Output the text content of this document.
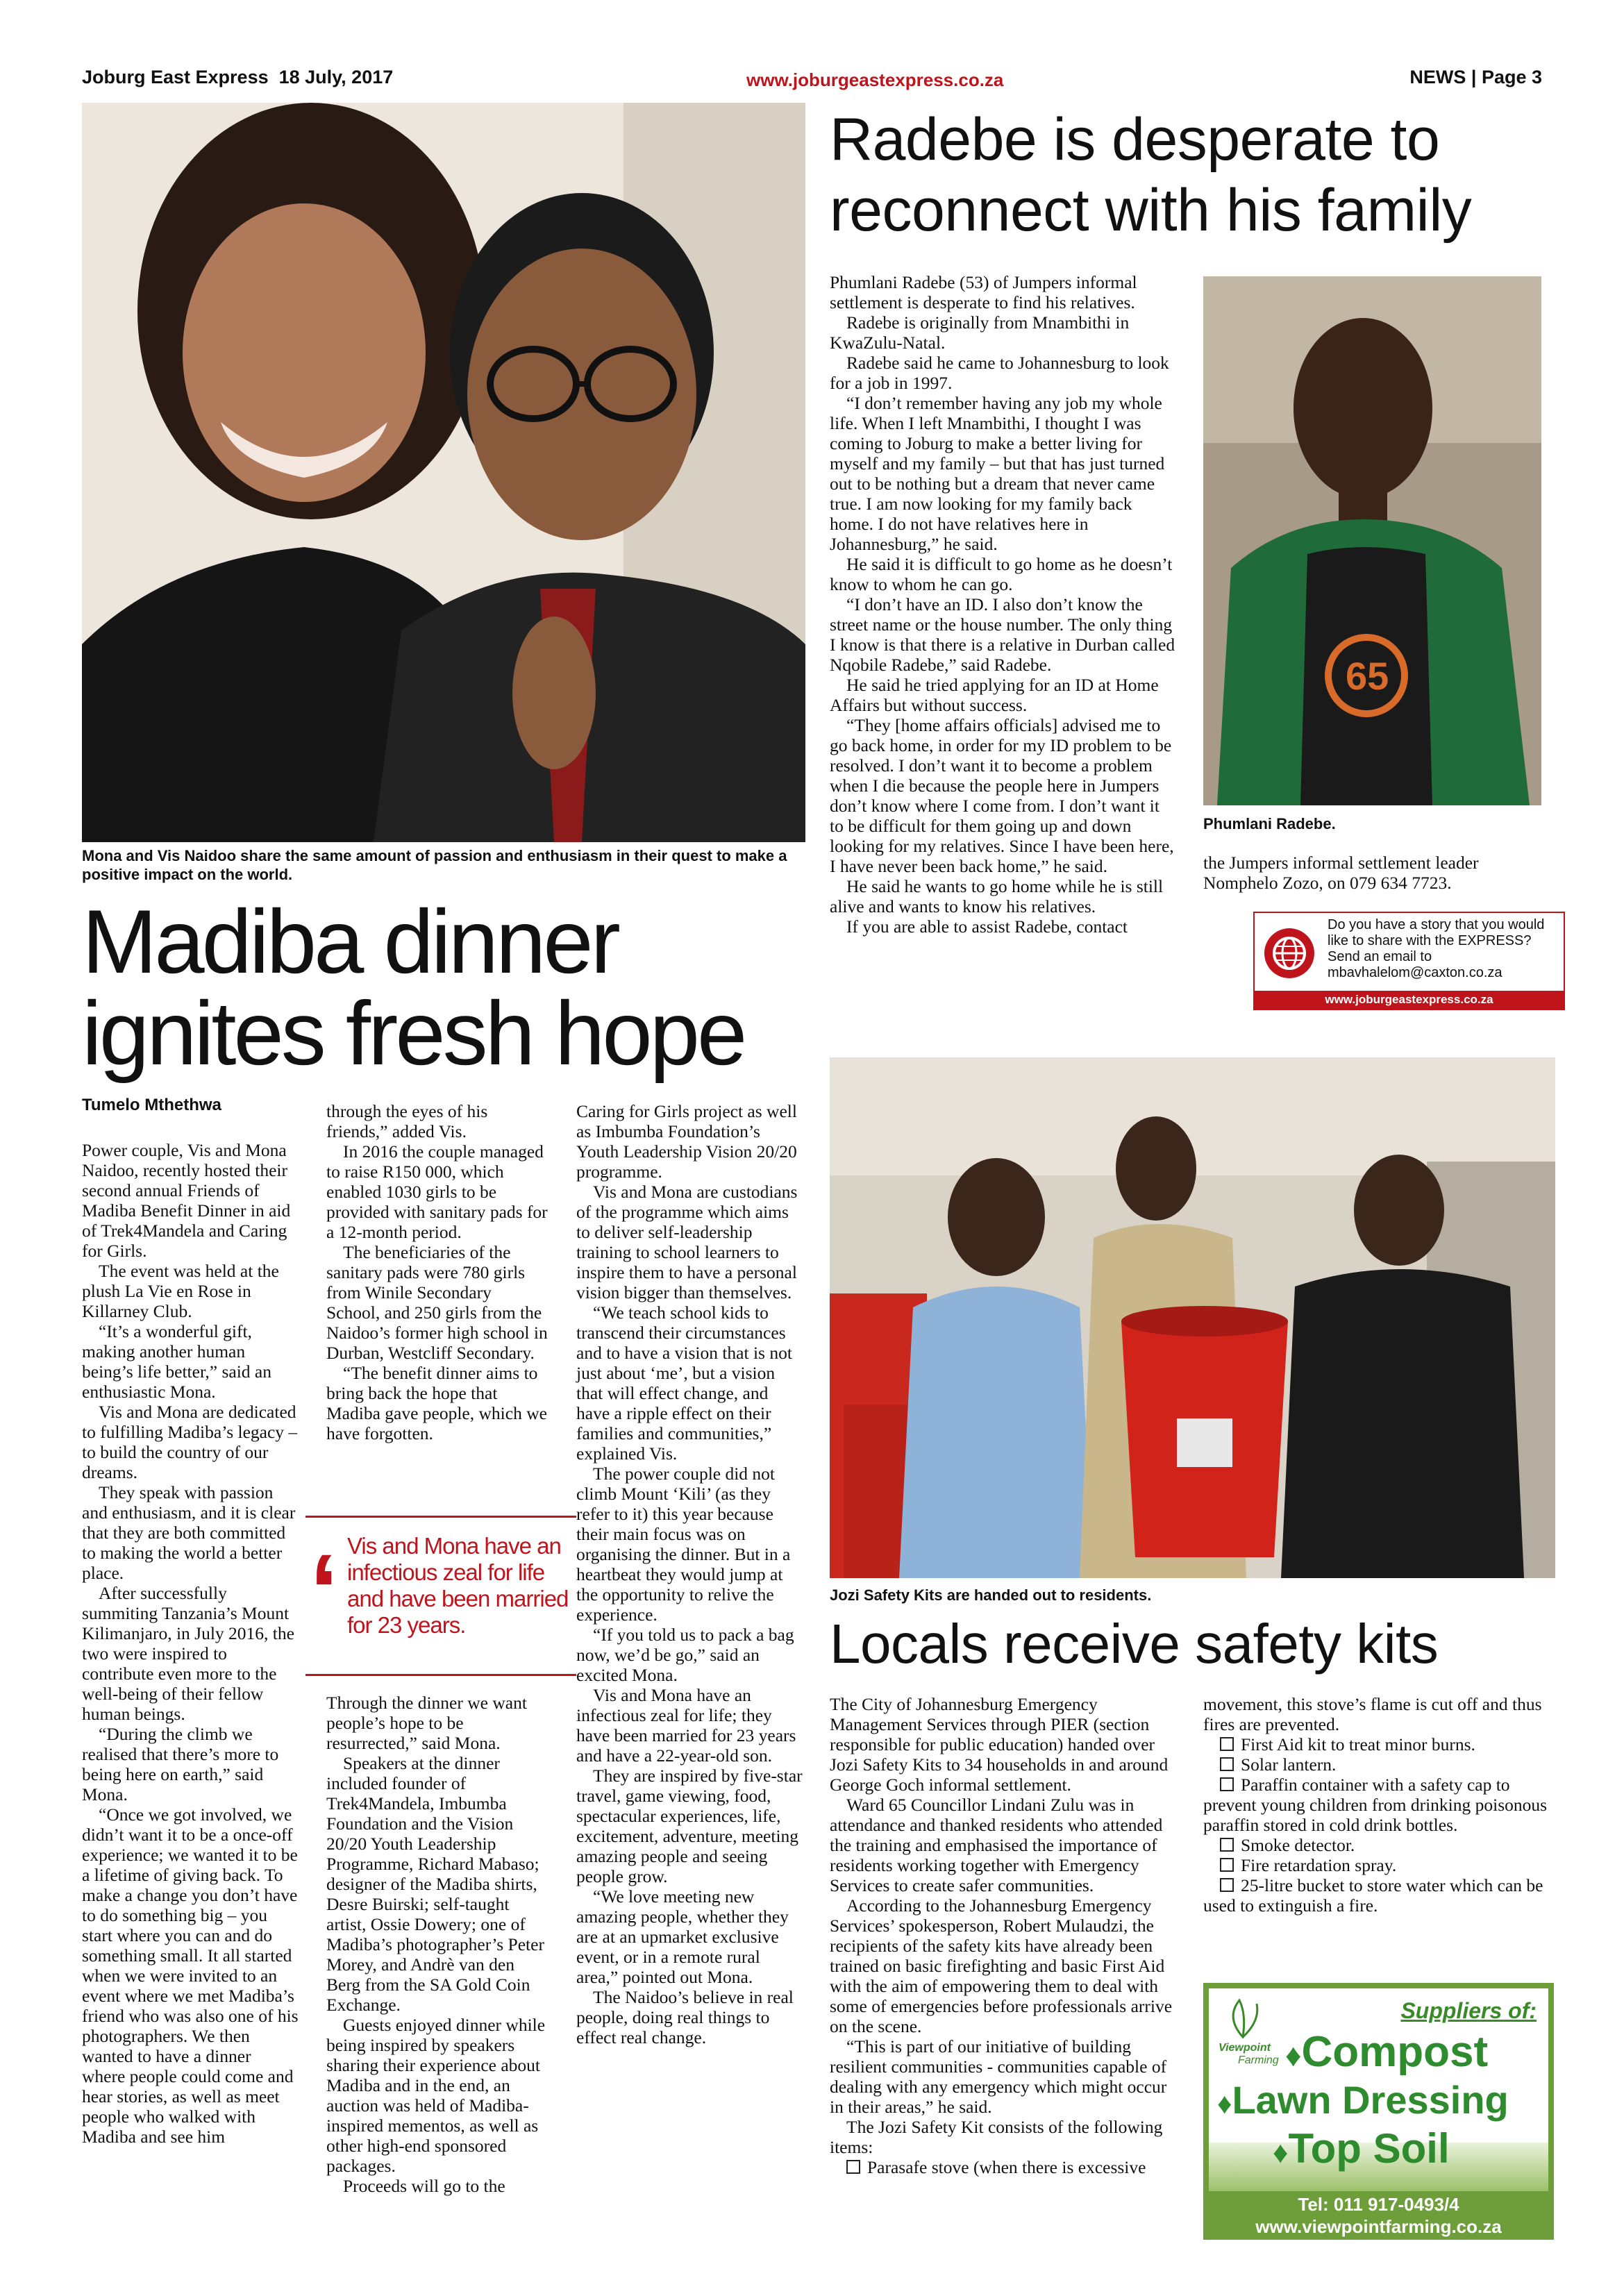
Joburg East Express 18 July, 2017	www.joburgeastexpress.co.za	NEWS | Page 3
Mona and Vis Naidoo share the same amount of passion and enthusiasm in their quest to make a positive impact on the world.
Madiba dinner
ignites fresh hope
Tumelo Mthethwa

Power couple, Vis and Mona Naidoo, recently hosted their second annual Friends of Madiba Benefit Dinner in aid of Trek4Mandela and Caring for Girls.

The event was held at the plush La Vie en Rose in Killarney Club.

“It’s a wonderful gift, making another human being’s life better,” said an enthusiastic Mona.

Vis and Mona are dedicated to fulfilling Madiba’s legacy – to build the country of our dreams.

They speak with passion and enthusiasm, and it is clear that they are both committed to making the world a better place.

After successfully summiting Tanzania’s Mount Kilimanjaro, in July 2016, the two were inspired to contribute even more to the well-being of their fellow human beings.

“During the climb we realised that there’s more to being here on earth,” said Mona.

“Once we got involved, we didn’t want it to be a once-off experience; we wanted it to be a lifetime of giving back. To make a change you don’t have to do something big – you start where you can and do something small. It all started when we were invited to an event where we met Madiba’s friend who was also one of his photographers. We then wanted to have a dinner where people could come and hear stories, as well as meet people who walked with Madiba and see him

through the eyes of his friends,” added Vis.

In 2016 the couple managed to raise R150 000, which enabled 1030 girls to be provided with sanitary pads for a 12-month period.

The beneficiaries of the sanitary pads were 780 girls from Winile Secondary School, and 250 girls from the Naidoo’s former high school in Durban, Westcliff Secondary.

“The benefit dinner aims to bring back the hope that Madiba gave people, which we have forgotten.

‘ Vis and Mona have an infectious zeal for life and have been married for 23 years.

Through the dinner we want people’s hope to be resurrected,” said Mona.

Speakers at the dinner included founder of Trek4Mandela, Imbumba Foundation and the Vision 20/20 Youth Leadership Programme, Richard Mabaso; designer of the Madiba shirts, Desre Buirski; self-taught artist, Ossie Dowery; one of Madiba’s photographer’s Peter Morey, and Andrè van den Berg from the SA Gold Coin Exchange.

Guests enjoyed dinner while being inspired by speakers sharing their experience about Madiba and in the end, an auction was held of Madiba-inspired mementos, as well as other high-end sponsored packages.

Proceeds will go to the

Caring for Girls project as well as Imbumba Foundation’s Youth Leadership Vision 20/20 programme.

Vis and Mona are custodians of the programme which aims to deliver self-leadership training to school learners to inspire them to have a personal vision bigger than themselves.

“We teach school kids to transcend their circumstances and to have a vision that is not just about ‘me’, but a vision that will effect change, and have a ripple effect on their families and communities,” explained Vis.

The power couple did not climb Mount ‘Kili’ (as they refer to it) this year because their main focus was on organising the dinner. But in a heartbeat they would jump at the opportunity to relive the experience.

“If you told us to pack a bag now, we’d be go,” said an excited Mona.

Vis and Mona have an infectious zeal for life; they have been married for 23 years and have a 22-year-old son.

They are inspired by five-star travel, game viewing, food, spectacular experiences, life, excitement, adventure, meeting amazing people and seeing people grow.

“We love meeting new amazing people, whether they are at an upmarket exclusive event, or in a remote rural area,” pointed out Mona.

The Naidoo’s believe in real people, doing real things to effect real change.

Radebe is desperate to
reconnect with his family

Phumlani Radebe (53) of Jumpers informal settlement is desperate to find his relatives.

Radebe is originally from Mnambithi in KwaZulu-Natal.

Radebe said he came to Johannesburg to look for a job in 1997.

“I don’t remember having any job my whole life. When I left Mnambithi, I thought I was coming to Joburg to make a better living for myself and my family – but that has just turned out to be nothing but a dream that never came true. I am now looking for my family back home. I do not have relatives here in Johannesburg,” he said.

He said it is difficult to go home as he doesn’t know to whom he can go.

“I don’t have an ID. I also don’t know the street name or the house number. The only thing I know is that there is a relative in Durban called Nqobile Radebe,” said Radebe.

He said he tried applying for an ID at Home Affairs but without success.

“They [home affairs officials] advised me to go back home, in order for my ID problem to be resolved. I don’t want it to become a problem when I die because the people here in Jumpers don’t know where I come from. I don’t want it to be difficult for them going up and down looking for my relatives. Since I have been here, I have never been back home,” he said.

He said he wants to go home while he is still alive and wants to know his relatives.

If you are able to assist Radebe, contact

65
Phumlani Radebe.

the Jumpers informal settlement leader Nomphelo Zozo, on 079 634 7723.

Do you have a story that you would like to share with the EXPRESS? Send an email to mbavhalelom@caxton.co.za
www.joburgeastexpress.co.za
Jozi Safety Kits are handed out to residents.
Locals receive safety kits

The City of Johannesburg Emergency Management Services through PIER (section responsible for public education) handed over Jozi Safety Kits to 34 households in and around George Goch informal settlement.

Ward 65 Councillor Lindani Zulu was in attendance and thanked residents who attended the training and emphasised the importance of residents working together with Emergency Services to create safer communities.

According to the Johannesburg Emergency Services’ spokesperson, Robert Mulaudzi, the recipients of the safety kits have already been trained on basic firefighting and basic First Aid with the aim of empowering them to deal with some of emergencies before professionals arrive on the scene.

“This is part of our initiative of building resilient communities - communities capable of dealing with any emergency which might occur in their areas,” he said.

The Jozi Safety Kit consists of the following items:

Parasafe stove (when there is excessive

movement, this stove’s flame is cut off and thus fires are prevented.

First Aid kit to treat minor burns.

Solar lantern.

Paraffin container with a safety cap to prevent young children from drinking poisonous paraffin stored in cold drink bottles.

Smoke detector.

Fire retardation spray.

25-litre bucket to store water which can be used to extinguish a fire.

Viewpoint
Farming
Suppliers of:
♦Compost
♦Lawn Dressing
♦Top Soil
Tel: 011 917-0493/4
www.viewpointfarming.co.za
